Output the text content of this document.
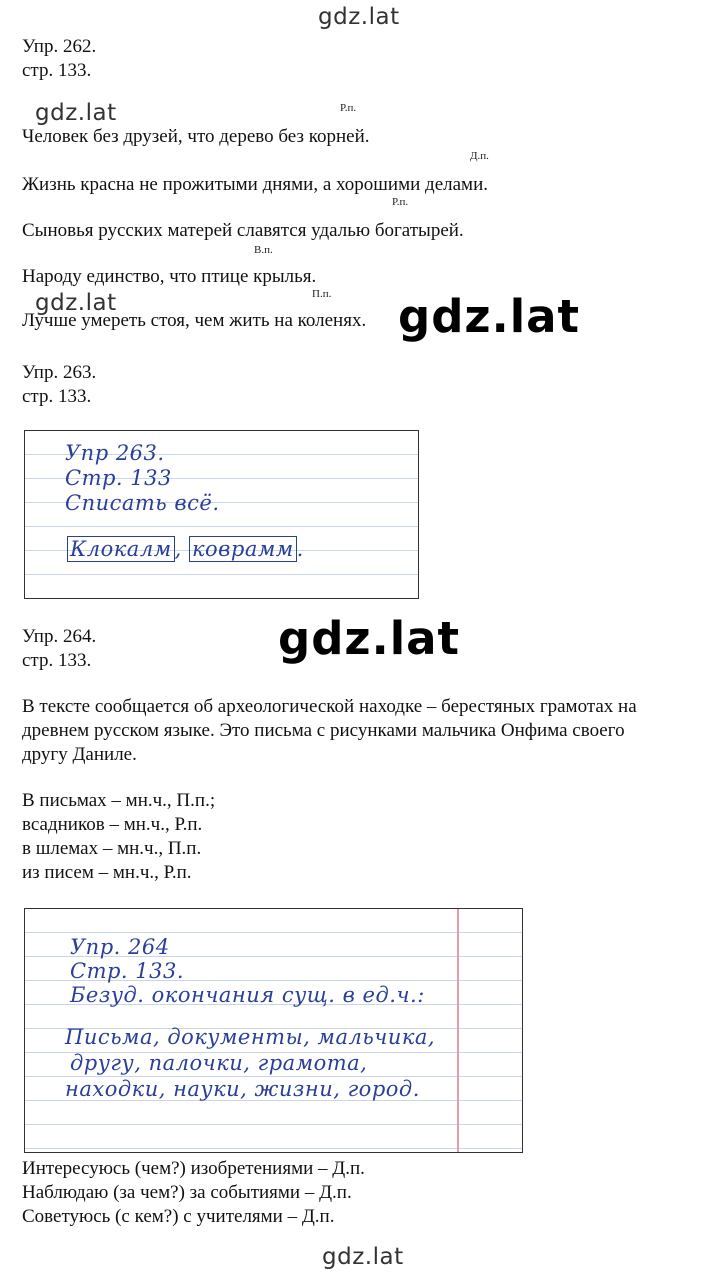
gdz.lat
gdz.lat
gdz.lat	gdz.lat
gdz.lat
gdz.lat
Упр. 262.
стр. 133.
Р.п.
Человек без друзей, что дерево без корней.
Д.п.
Жизнь красна не прожитыми днями, а хорошими делами.
Р.п.
Сыновья русских матерей славятся удалью богатырей.
В.п.
Народу единство, что птице крылья.
П.п.
Лучше умереть стоя, чем жить на коленях.
Упр. 263.
стр. 133.
Упр 263.
Стр. 133
Списать всё.
Клокалм , коврамм .
Упр. 264.
стр. 133.
В тексте сообщается об археологической находке – берестяных грамотах на
древнем русском языке. Это письма с рисунками мальчика Онфима своего
другу Даниле.
В письмах – мн.ч., П.п.;
всадников – мн.ч., Р.п.
в шлемах – мн.ч., П.п.
из писем – мн.ч., Р.п.
Упр. 264
Стр. 133.
Безуд. окончания сущ. в ед.ч.:
Письма, документы, мальчика,
другу, палочки, грамота,
находки, науки, жизни, город.
Интересуюсь (чем?) изобретениями – Д.п.
Наблюдаю (за чем?) за событиями – Д.п.
Советуюсь (с кем?) с учителями – Д.п.
